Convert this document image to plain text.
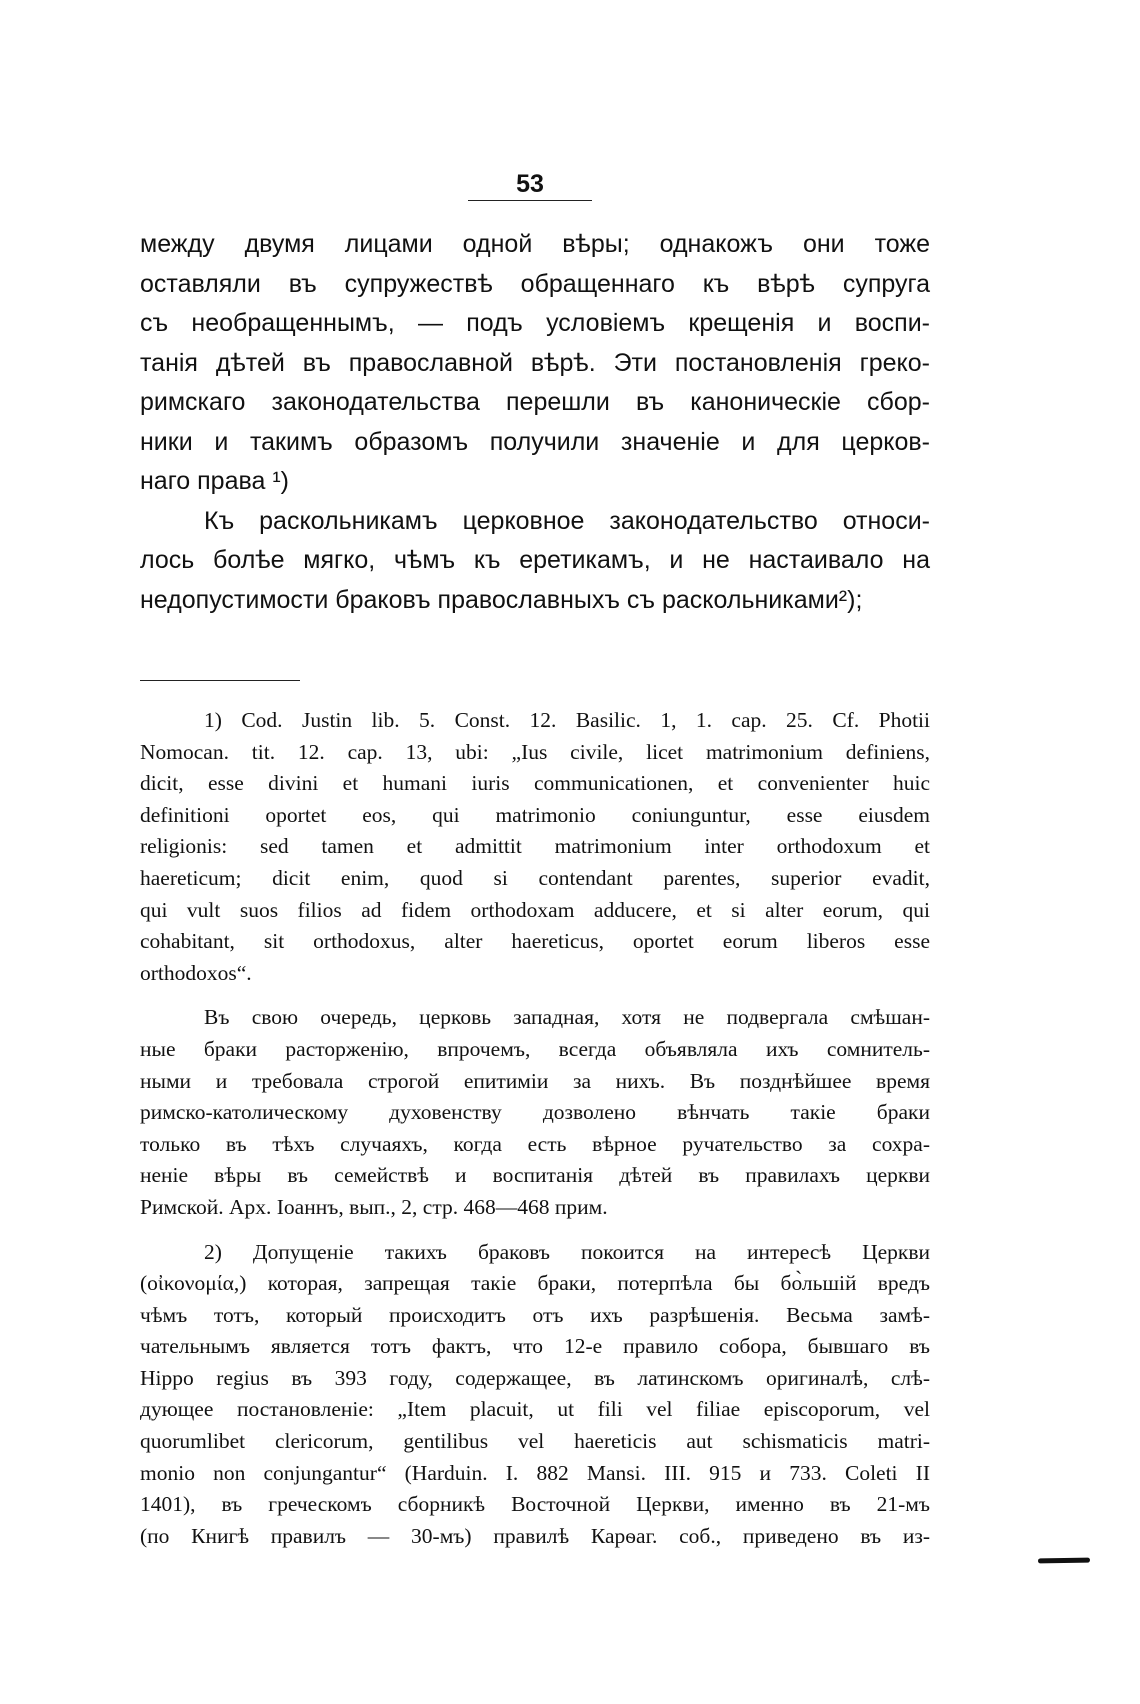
53
между двумя лицами одной вѣры; однакожъ они тоже
оставляли въ супружествѣ обращеннаго къ вѣрѣ супруга
съ необращеннымъ, — подъ условіемъ крещенія и воспи-
танія дѣтей въ православной вѣрѣ. Эти постановленія греко-
римскаго законодательства перешли въ каноническіе сбор-
ники и такимъ образомъ получили значеніе и для церков-
наго права ¹)
Къ раскольникамъ церковное законодательство относи-
лось болѣе мягко, чѣмъ къ еретикамъ, и не настаивало на
недопустимости браковъ православныхъ съ раскольниками²);
1) Cod. Justin lib. 5. Const. 12. Basilic. 1, 1. cap. 25. Cf. Photii
Nomocan. tit. 12. cap. 13, ubi: „Ius civile, licet matrimonium definiens,
dicit, esse divini et humani iuris communicationen, et convenienter huic
definitioni oportet eos, qui matrimonio coniunguntur, esse eiusdem
religionis: sed tamen et admittit matrimonium inter orthodoxum et
haereticum; dicit enim, quod si contendant parentes, superior evadit,
qui vult suos filios ad fidem orthodoxam adducere, et si alter eorum, qui
cohabitant, sit orthodoxus, alter haereticus, oportet eorum liberos esse
orthodoxos“.
Въ свою очередь, церковь западная, хотя не подвергала смѣшан-
ные браки расторженію, впрочемъ, всегда объявляла ихъ сомнитель-
ными и требовала строгой епитиміи за нихъ. Въ позднѣйшее время
римско-католическому духовенству дозволено вѣнчать такіе браки
только въ тѣхъ случаяхъ, когда есть вѣрное ручательство за сохра-
неніе вѣры въ семействѣ и воспитанія дѣтей въ правилахъ церкви
Римской. Арх. Іоаннъ, вып., 2, стр. 468—468 прим.
2) Допущеніе такихъ браковъ покоится на интересѣ Церкви
(οἰκονομία,) которая, запрещая такіе браки, потерпѣла бы бо̀льшій вредъ
чѣмъ тотъ, который происходитъ отъ ихъ разрѣшенія. Весьма замѣ-
чательнымъ является тотъ фактъ, что 12-е правило собора, бывшаго въ
Hippo regius въ 393 году, содержащее, въ латинскомъ оригиналѣ, слѣ-
дующее постановленіе: „Item placuit, ut fili vel filiae episcoporum, vel
quorumlibet clericorum, gentilibus vel haereticis aut schismaticis matri-
monio non conjungantur“ (Harduin. I. 882 Mansi. III. 915 и 733. Coleti II
1401), въ греческомъ сборникѣ Восточной Церкви, именно въ 21-мъ
(по Книгѣ правилъ — 30-мъ) правилѣ Карѳаг. соб., приведено въ из-
